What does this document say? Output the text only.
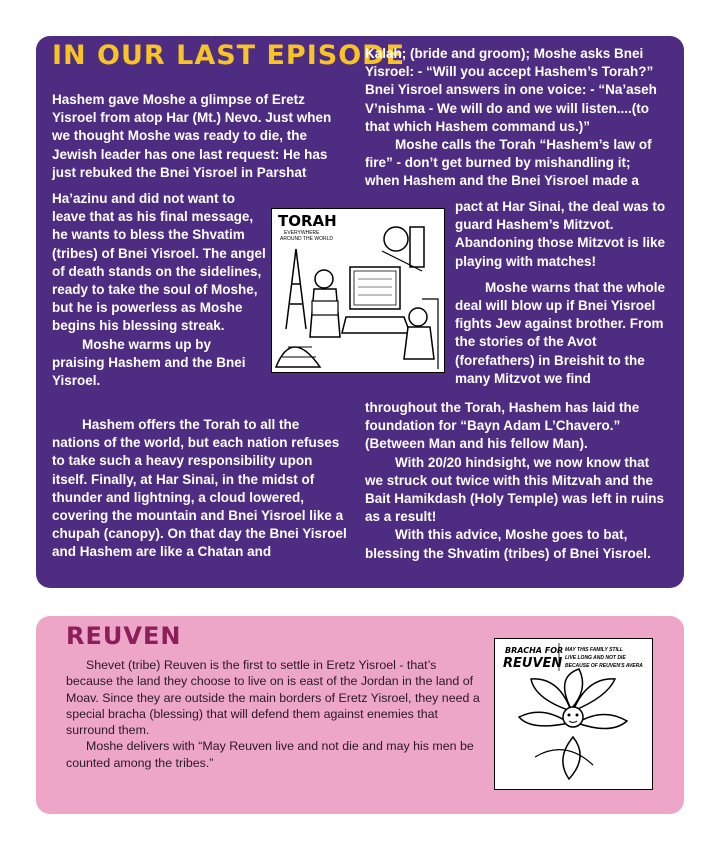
IN OUR LAST EPISODE

Hashem gave Moshe a glimpse of Eretz Yisroel from atop Har (Mt.) Nevo. Just when we thought Moshe was ready to die, the Jewish leader has one last request: He has just rebuked the Bnei Yisroel in Parshat

Ha’azinu and did not want to leave that as his final message, he wants to bless the Shvatim (tribes) of Bnei Yisroel. The angel of death stands on the sidelines, ready to take the soul of Moshe, but he is powerless as Moshe begins his blessing streak.

Moshe warms up by praising Hashem and the Bnei Yisroel.

Hashem offers the Torah to all the nations of the world, but each nation refuses to take such a heavy responsibility upon itself. Finally, at Har Sinai, in the midst of thunder and lightning, a cloud lowered, covering the mountain and Bnei Yisroel like a chupah (canopy). On that day the Bnei Yisroel and Hashem are like a Chatan and

Kalah; (bride and groom); Moshe asks Bnei Yisroel: - “Will you accept Hashem’s Torah?” Bnei Yisroel answers in one voice: - “Na’aseh V’nishma - We will do and we will listen....(to that which Hashem command us.)”

Moshe calls the Torah “Hashem’s law of fire” - don’t get burned by mishandling it; when Hashem and the Bnei Yisroel made a

pact at Har Sinai, the deal was to guard Hashem’s Mitzvot. Abandoning those Mitzvot is like playing with matches!

Moshe warns that the whole deal will blow up if Bnei Yisroel fights Jew against brother. From the stories of the Avot (forefathers) in Breishit to the many Mitzvot we find

throughout the Torah, Hashem has laid the foundation for “Bayn Adam L’Chavero.” (Between Man and his fellow Man).

With 20/20 hindsight, we now know that we struck out twice with this Mitzvah and the Bait Hamikdash (Holy Temple) was left in ruins as a result!

With this advice, Moshe goes to bat, blessing the Shvatim (tribes) of Bnei Yisroel.

TORAH
EVERYWHERE
AROUND THE WORLD
REUVEN

Shevet (tribe) Reuven is the first to settle in Eretz Yisroel - that’s because the land they choose to live on is east of the Jordan in the land of Moav. Since they are outside the main borders of Eretz Yisroel, they need a special bracha (blessing) that will defend them against enemies that surround them.

Moshe delivers with “May Reuven live and not die and may his men be counted among the tribes.”

BRACHA FOR
REUVEN
MAY THIS FAMILY STILL
LIVE LONG AND NOT DIE
BECAUSE OF REUVEN'S AVERA
